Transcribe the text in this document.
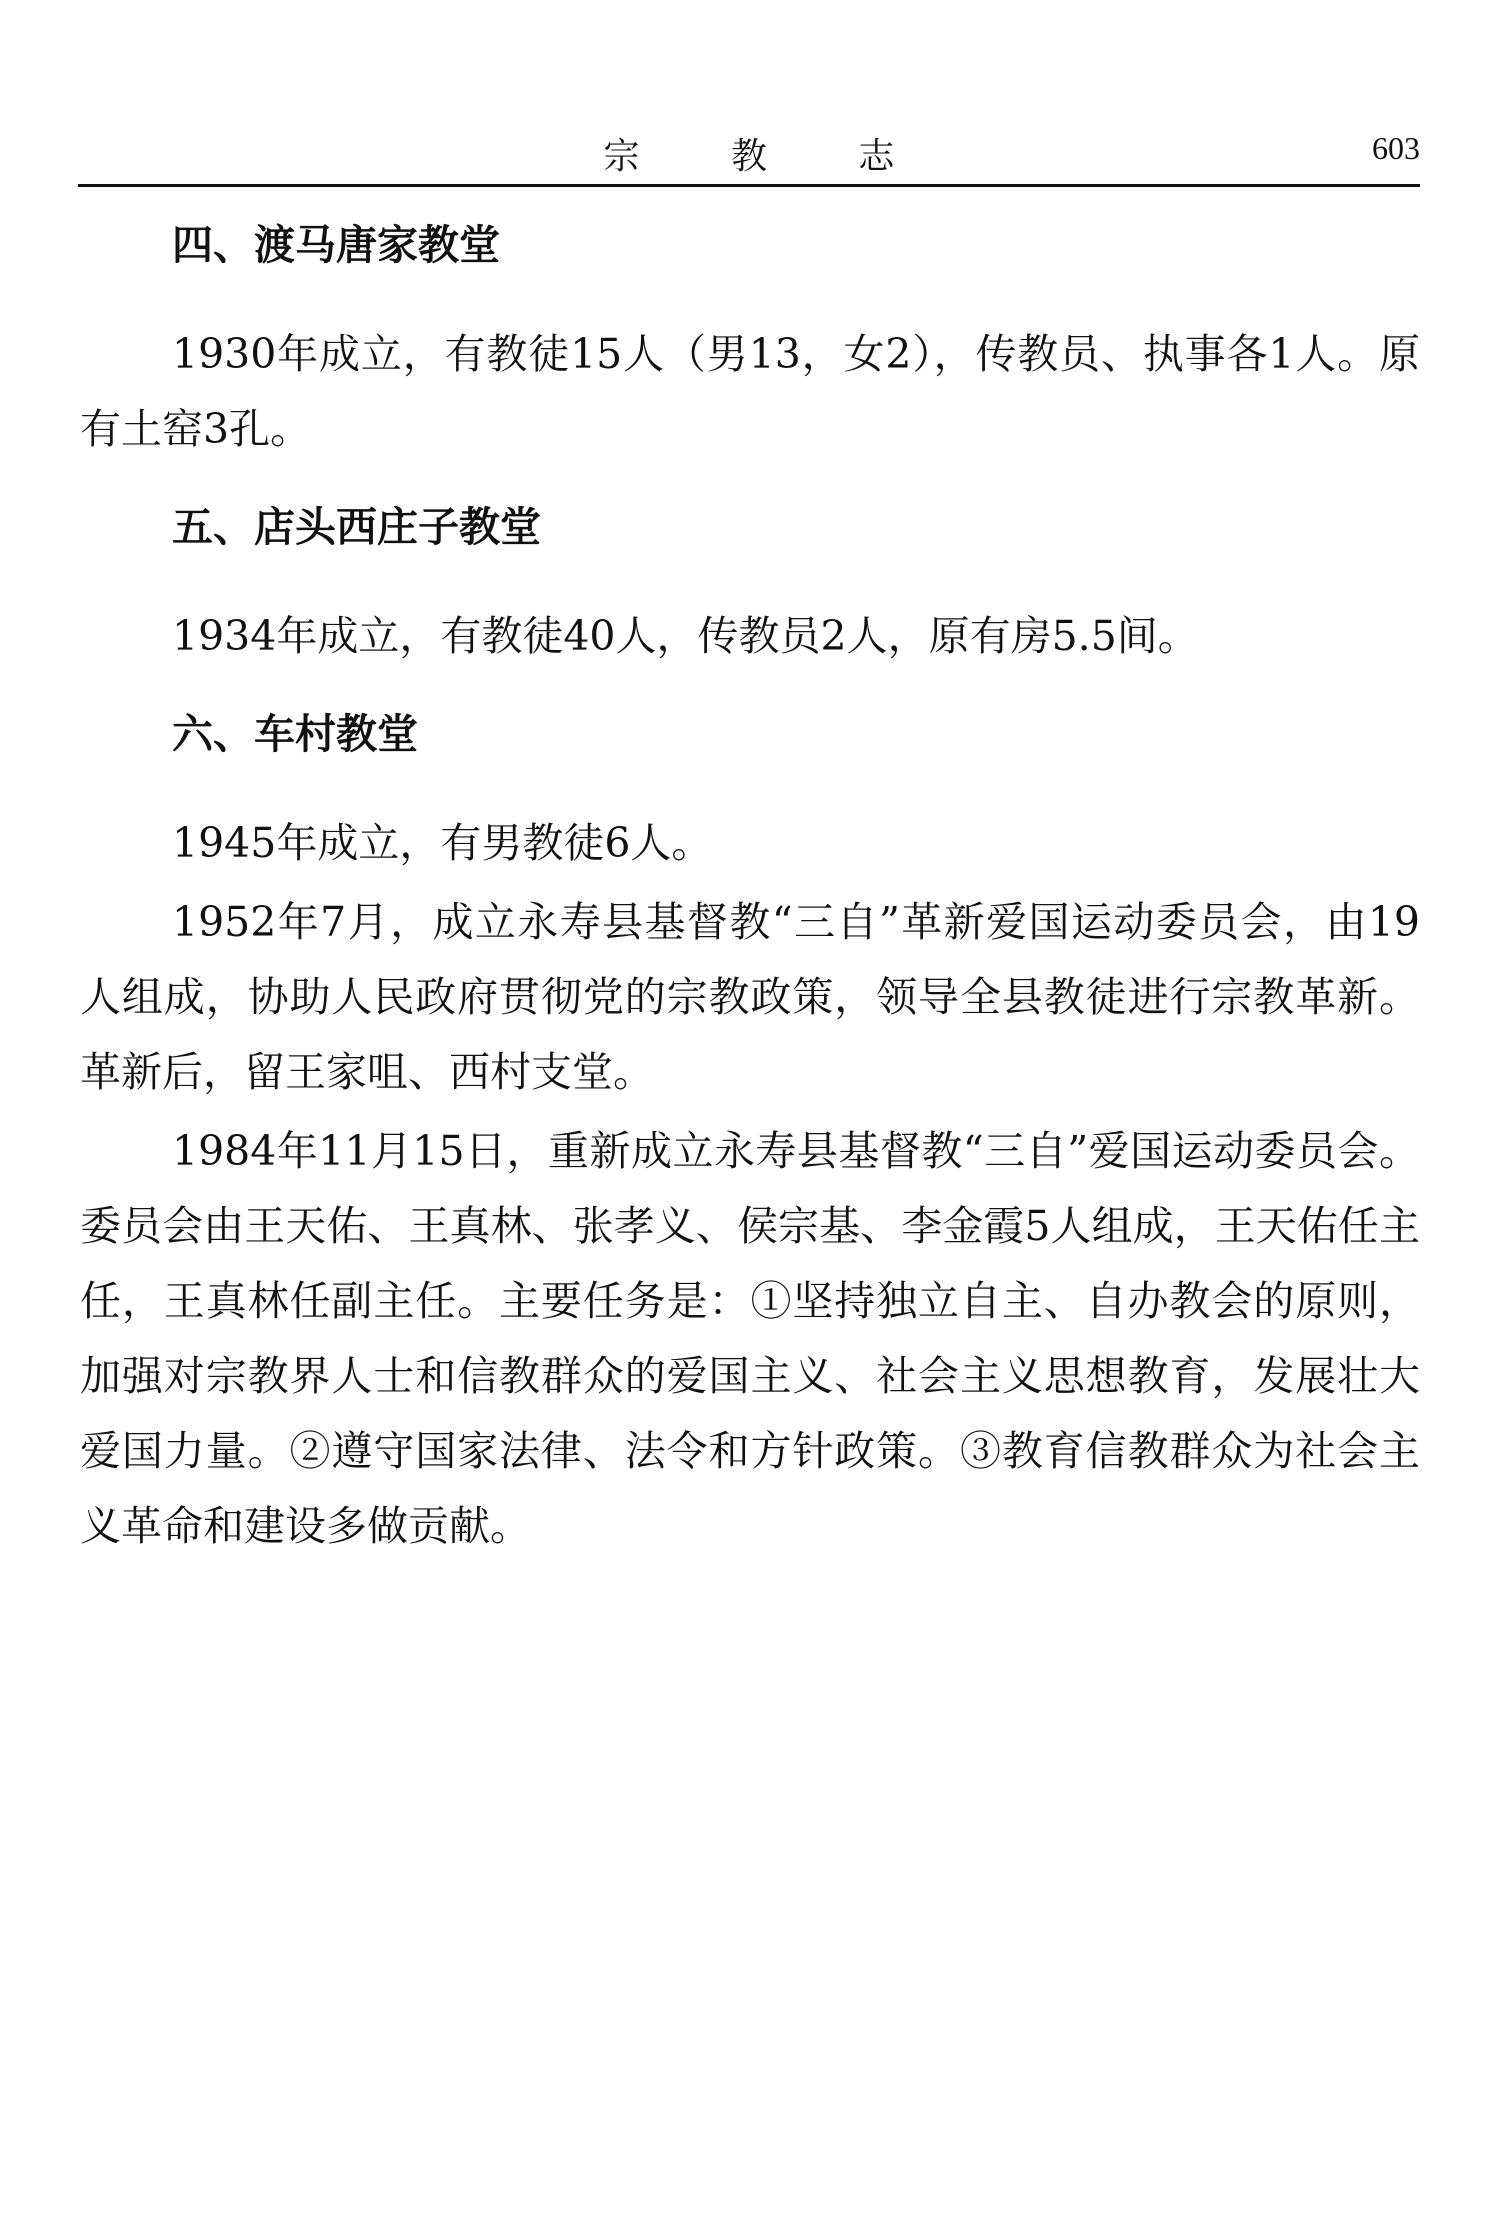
宗 教 志	603
四、渡马唐家教堂

1930年成立，有教徒15人（男13，女2），传教员、执事各1人。原有土窑3孔。

五、店头西庄子教堂

1934年成立，有教徒40人，传教员2人，原有房5.5间。

六、车村教堂

1945年成立，有男教徒6人。

1952年7月，成立永寿县基督教“三自”革新爱国运动委员会，由19人组成，协助人民政府贯彻党的宗教政策，领导全县教徒进行宗教革新。革新后，留王家咀、西村支堂。

1984年11月15日，重新成立永寿县基督教“三自”爱国运动委员会。委员会由王天佑、王真林、张孝义、侯宗基、李金霞5人组成，王天佑任主任，王真林任副主任。主要任务是：①坚持独立自主、自办教会的原则，加强对宗教界人士和信教群众的爱国主义、社会主义思想教育，发展壮大爱国力量。②遵守国家法律、法令和方针政策。③教育信教群众为社会主义革命和建设多做贡献。
